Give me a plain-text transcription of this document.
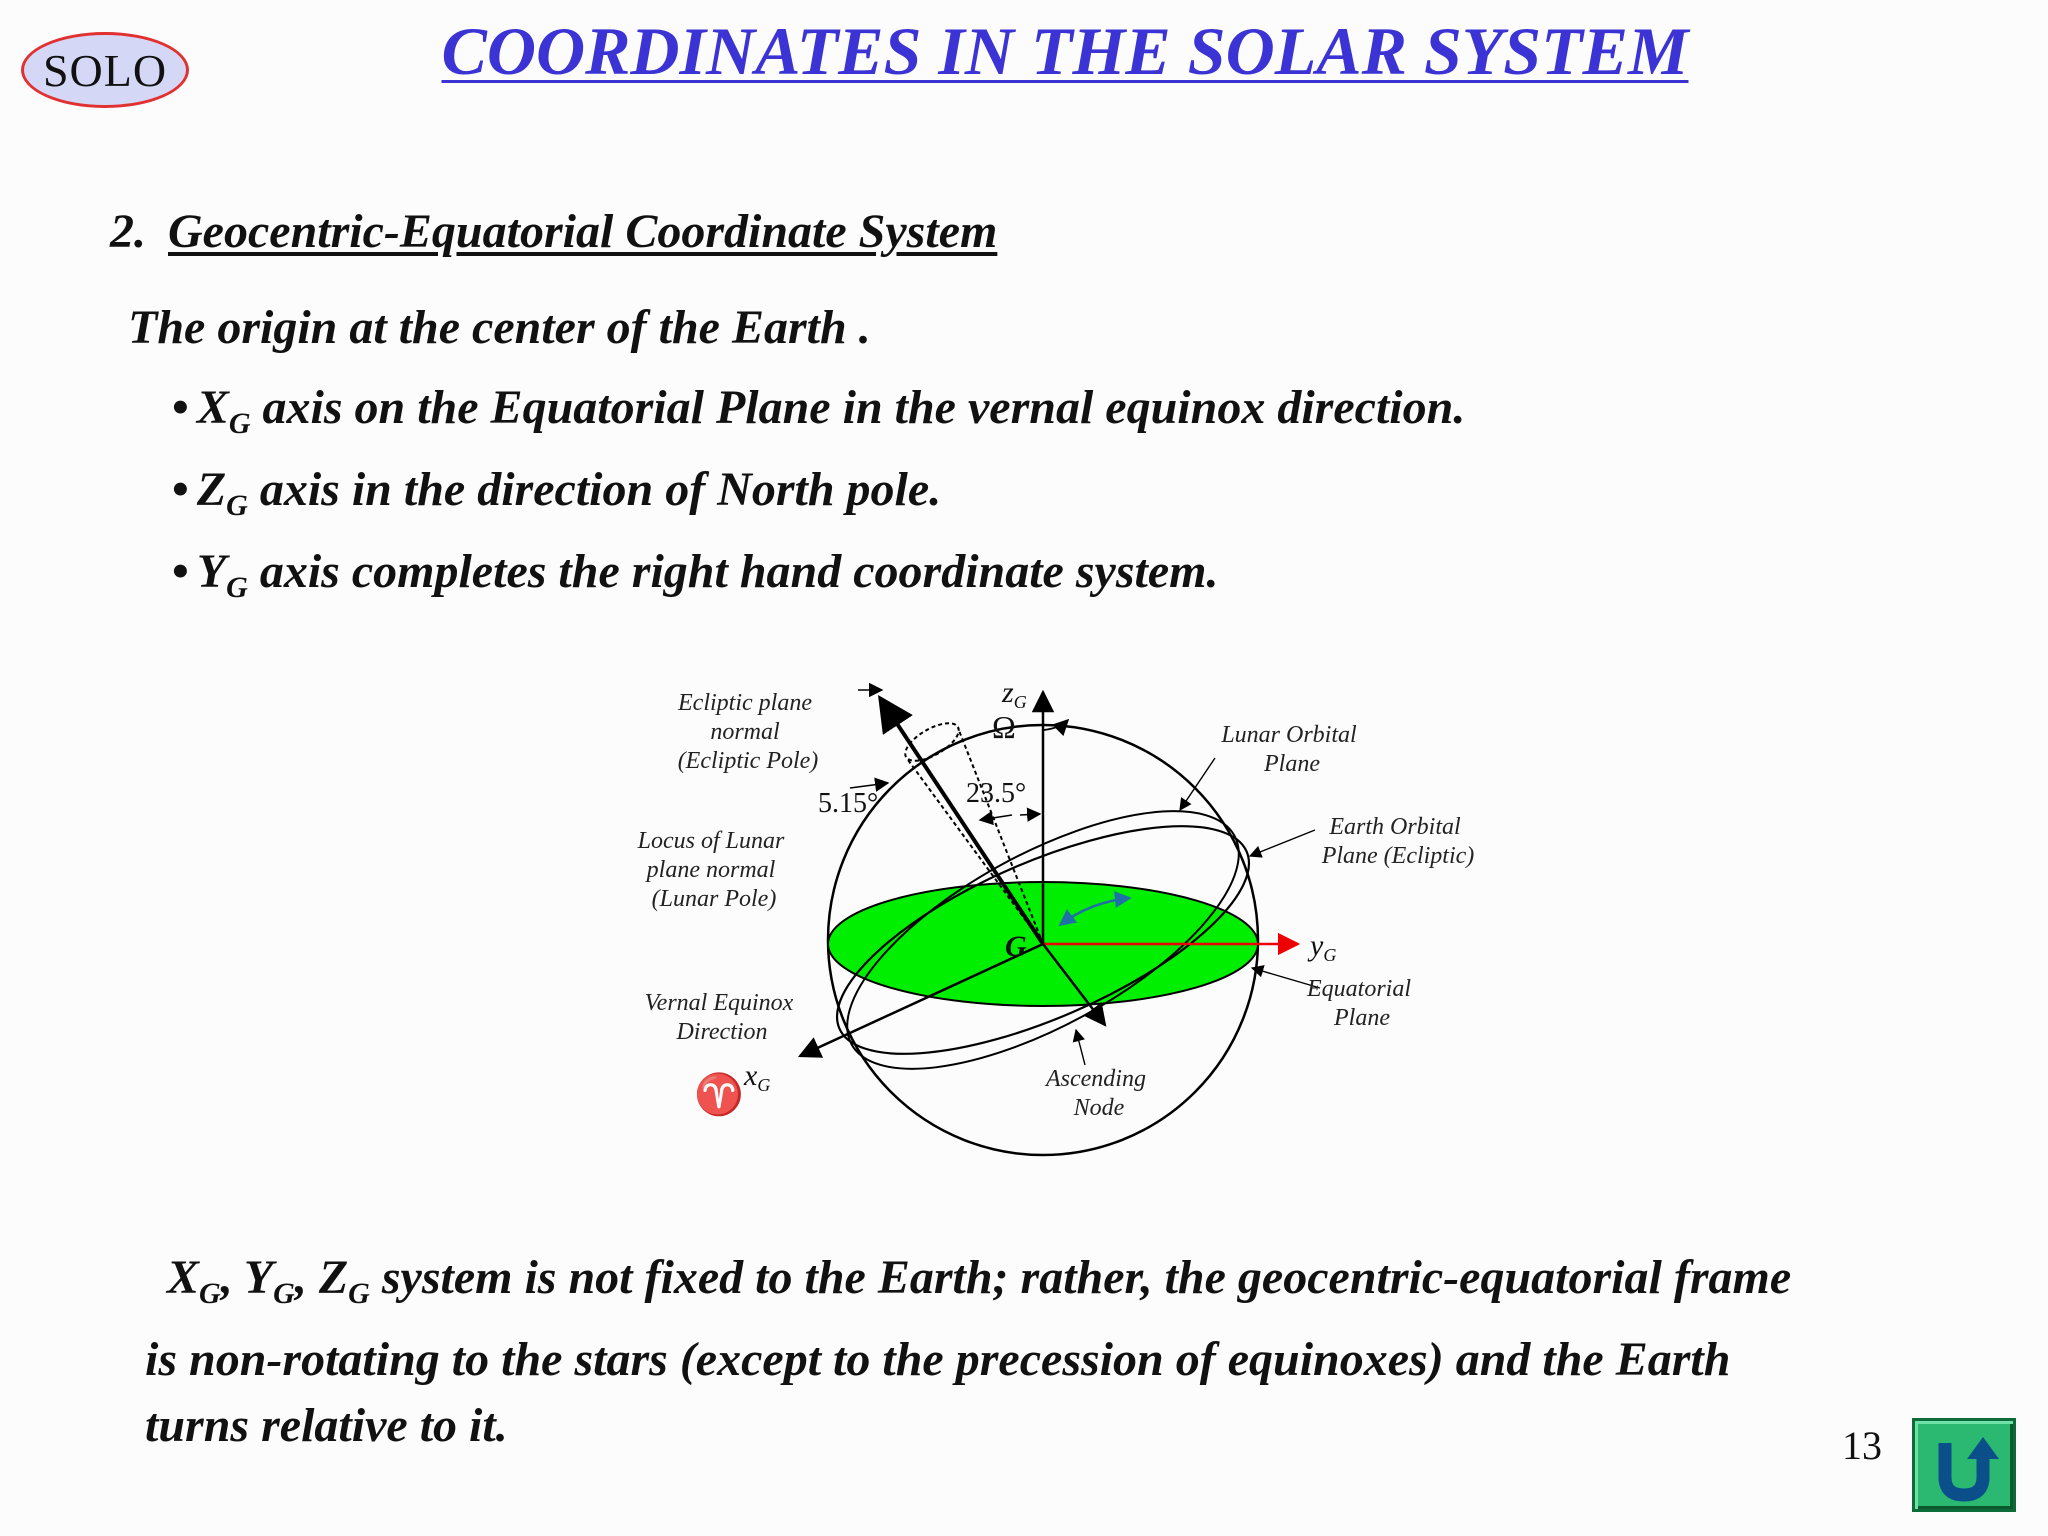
SOLO	COORDINATES IN THE SOLAR SYSTEM
2. Geocentric-Equatorial Coordinate System
The origin at the center of the Earth .
• $X_G$ axis on the Equatorial Plane in the vernal equinox direction.
• $Z_G$ axis in the direction of North pole.
• $Y_G$ axis completes the right hand coordinate system.
Ecliptic plane normal (Ecliptic Pole)
Locus of Lunar plane normal (Lunar Pole)
Vernal Equinox Direction
Lunar Orbital Plane
Earth Orbital Plane (Ecliptic)
Equatorial Plane
Ascending Node
5.15°	23.5°
Ω
G
$z_G$
$y_G$
$x_G$
♈
$X_G$, $Y_G$, $Z_G$ system is not fixed to the Earth; rather, the geocentric-equatorial frame
is non-rotating to the stars (except to the precession of equinoxes) and the Earth
turns relative to it.	13
